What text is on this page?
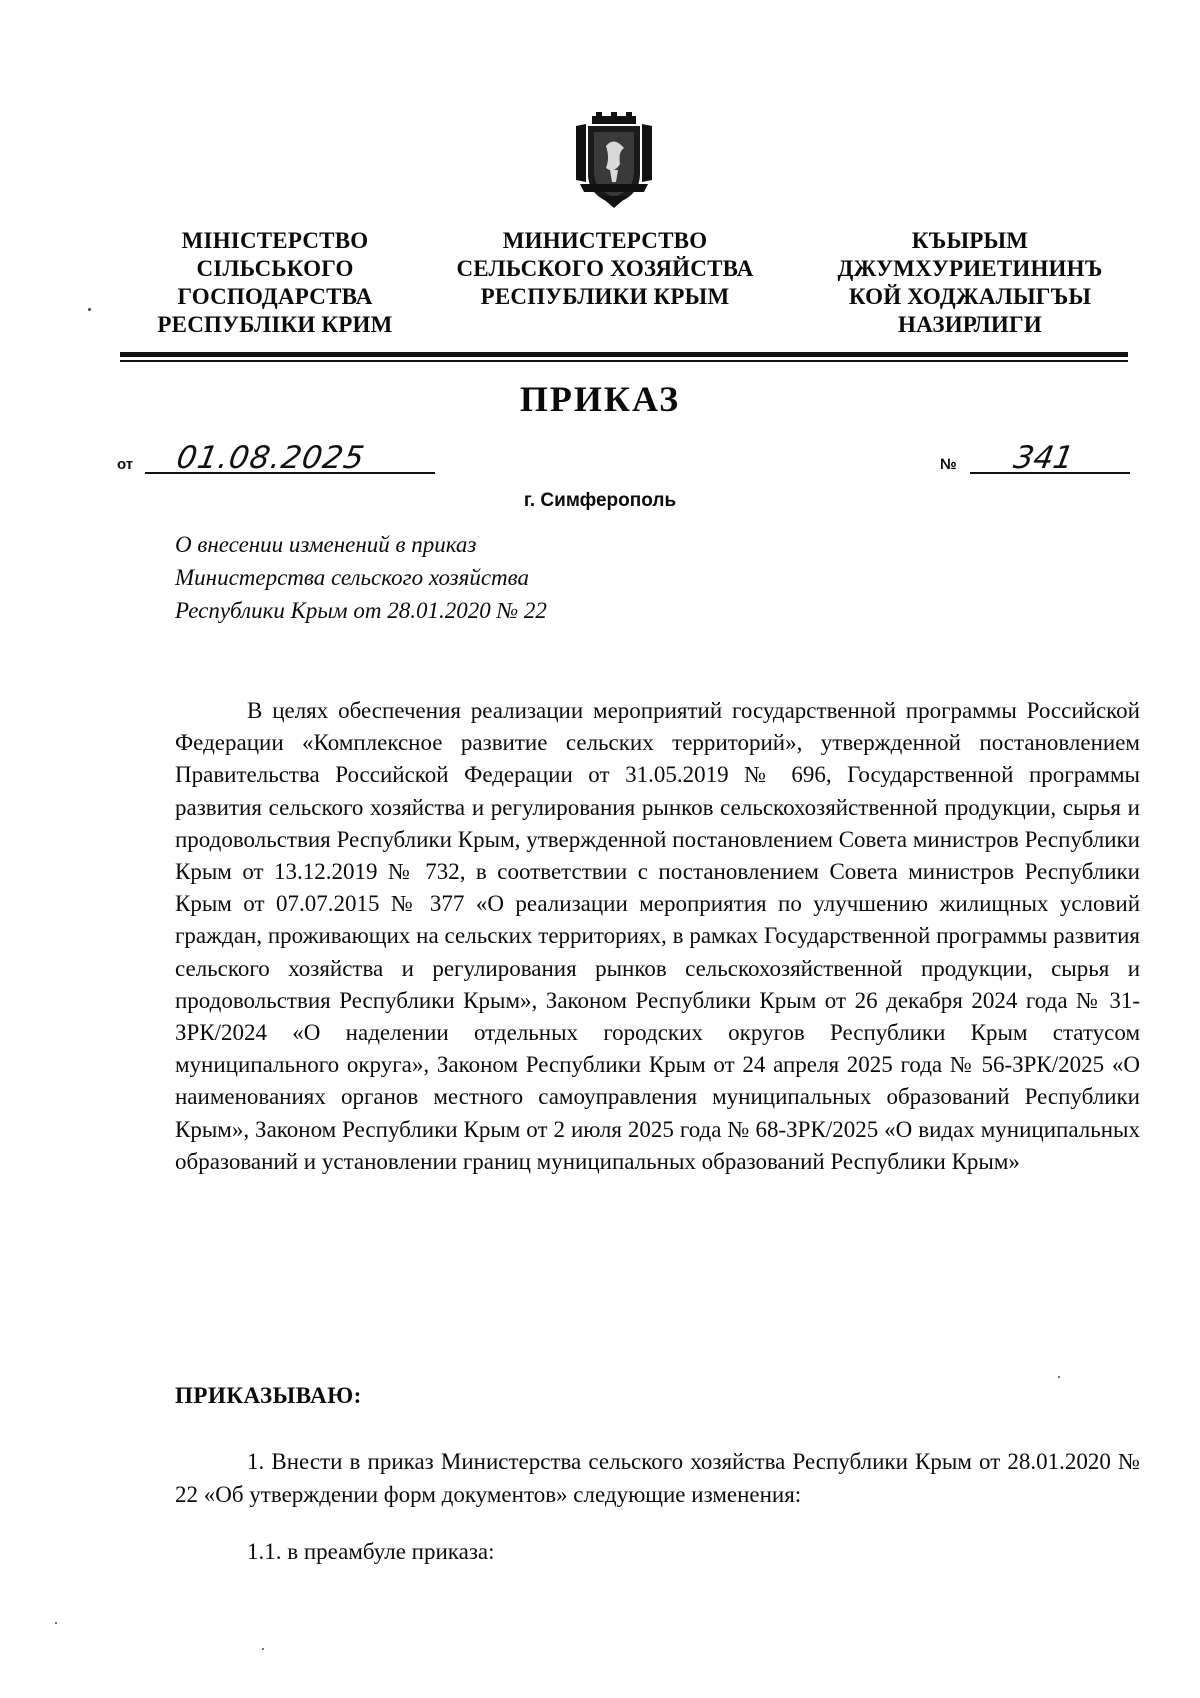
МІНІСТЕРСТВО
СІЛЬСЬКОГО
ГОСПОДАРСТВА
РЕСПУБЛІКИ КРИМ
МИНИСТЕРСТВО
СЕЛЬСКОГО ХОЗЯЙСТВА
РЕСПУБЛИКИ КРЫМ
КЪЫРЫМ
ДЖУМХУРИЕТИНИНЪ
КОЙ ХОДЖАЛЫГЪЫ
НАЗИРЛИГИ
ПРИКАЗ
от 01.08.2025	№ 341
г. Симферополь
О внесении изменений в приказ
Министерства сельского хозяйства
Республики Крым от 28.01.2020 № 22

В целях обеспечения реализации мероприятий государственной программы Российской Федерации «Комплексное развитие сельских территорий», утвержденной постановлением Правительства Российской Федерации от 31.05.2019 № 696, Государственной программы развития сельского хозяйства и регулирования рынков сельскохозяйственной продукции, сырья и продовольствия Республики Крым, утвержденной постановлением Совета министров Республики Крым от 13.12.2019 № 732, в соответствии с постановлением Совета министров Республики Крым от 07.07.2015 № 377 «О реализации мероприятия по улучшению жилищных условий граждан, проживающих на сельских территориях, в рамках Государственной программы развития сельского хозяйства и регулирования рынков сельскохозяйственной продукции, сырья и продовольствия Республики Крым», Законом Республики Крым от 26 декабря 2024 года № 31-ЗРК/2024 «О наделении отдельных городских округов Республики Крым статусом муниципального округа», Законом Республики Крым от 24 апреля 2025 года № 56-ЗРК/2025 «О наименованиях органов местного самоуправления муниципальных образований Республики Крым», Законом Республики Крым от 2 июля 2025 года № 68-ЗРК/2025 «О видах муниципальных образований и установлении границ муниципальных образований Республики Крым»

ПРИКАЗЫВАЮ:

1. Внести в приказ Министерства сельского хозяйства Республики Крым от 28.01.2020 № 22 «Об утверждении форм документов» следующие изменения:

1.1. в преамбуле приказа:
